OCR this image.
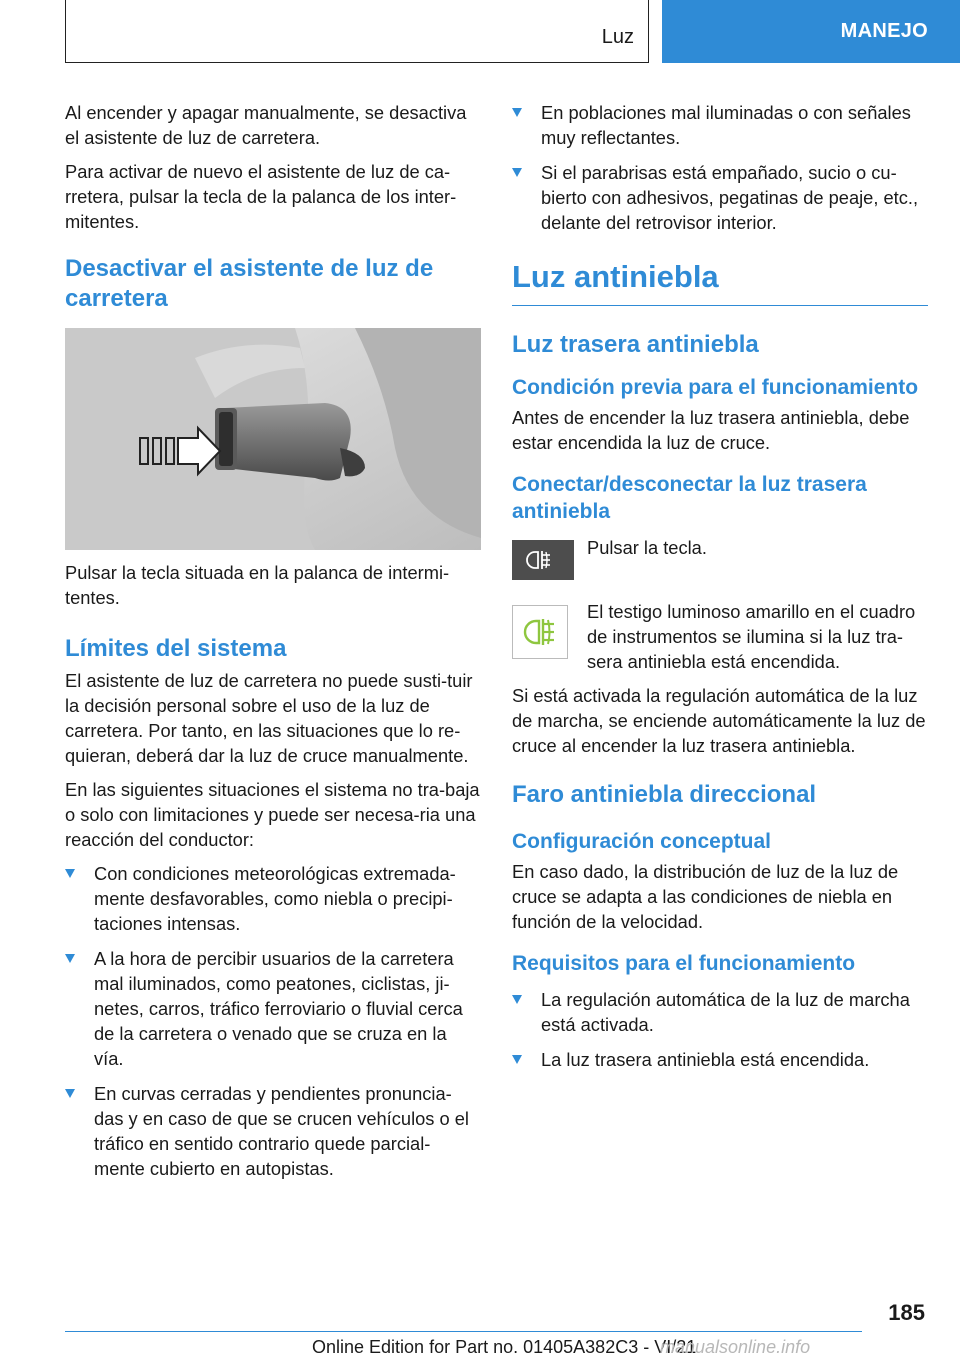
Luz	MANEJO

Al encender y apagar manualmente, se desactiva el asistente de luz de carretera.

Para activar de nuevo el asistente de luz de ca‐rretera, pulsar la tecla de la palanca de los inter‐mitentes.

Desactivar el asistente de luz de carretera

Pulsar la tecla situada en la palanca de intermi‐tentes.

Límites del sistema

El asistente de luz de carretera no puede susti‐tuir la decisión personal sobre el uso de la luz de carretera. Por tanto, en las situaciones que lo re‐quieran, deberá dar la luz de cruce manualmente.

En las siguientes situaciones el sistema no tra‐baja o solo con limitaciones y puede ser necesa‐ria una reacción del conductor:

Con condiciones meteorológicas extremada‐mente desfavorables, como niebla o precipi‐taciones intensas.
A la hora de percibir usuarios de la carretera mal iluminados, como peatones, ciclistas, ji‐netes, carros, tráfico ferroviario o fluvial cerca de la carretera o venado que se cruza en la vía.
En curvas cerradas y pendientes pronuncia‐das y en caso de que se crucen vehículos o el tráfico en sentido contrario quede parcial‐mente cubierto en autopistas.
En poblaciones mal iluminadas o con señales muy reflectantes.
Si el parabrisas está empañado, sucio o cu‐bierto con adhesivos, pegatinas de peaje, etc., delante del retrovisor interior.
Luz antiniebla
Luz trasera antiniebla
Condición previa para el funcionamiento

Antes de encender la luz trasera antiniebla, debe estar encendida la luz de cruce.

Conectar/desconectar la luz trasera antiniebla

Pulsar la tecla.

El testigo luminoso amarillo en el cuadro de instrumentos se ilumina si la luz tra‐sera antiniebla está encendida.

Si está activada la regulación automática de la luz de marcha, se enciende automáticamente la luz de cruce al encender la luz trasera antiniebla.

Faro antiniebla direccional
Configuración conceptual

En caso dado, la distribución de luz de la luz de cruce se adapta a las condiciones de niebla en función de la velocidad.

Requisitos para el funcionamiento
La regulación automática de la luz de marcha está activada.
La luz trasera antiniebla está encendida.
185
Online Edition for Part no. 01405A382C3 - VI/21
manualsonline.info
